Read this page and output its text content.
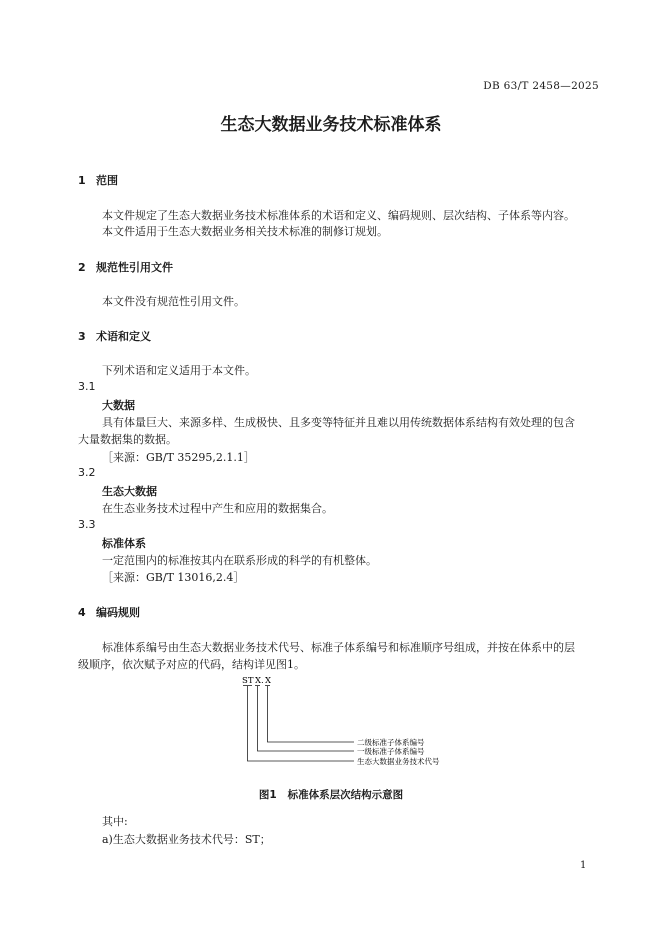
DB 63/T 2458—2025
生态大数据业务技术标准体系
1 范围
本文件规定了生态大数据业务技术标准体系的术语和定义、编码规则、层次结构、子体系等内容。
本文件适用于生态大数据业务相关技术标准的制修订规划。
2 规范性引用文件
本文件没有规范性引用文件。
3 术语和定义
下列术语和定义适用于本文件。
3.1
大数据
具有体量巨大、来源多样、生成极快、且多变等特征并且难以用传统数据体系结构有效处理的包含
大量数据集的数据。
［来源：GB/T 35295,2.1.1］
3.2
生态大数据
在生态业务技术过程中产生和应用的数据集合。
3.3
标准体系
一定范围内的标准按其内在联系形成的科学的有机整体。
［来源：GB/T 13016,2.4］
4 编码规则
标准体系编号由生态大数据业务技术代号、标准子体系编号和标准顺序号组成，并按在体系中的层
级顺序，依次赋予对应的代码，结构详见图1。
ST X. X
二级标准子体系编号
一级标准子体系编号
生态大数据业务技术代号
图1 标准体系层次结构示意图
其中:
a)生态大数据业务技术代号：ST；
1
